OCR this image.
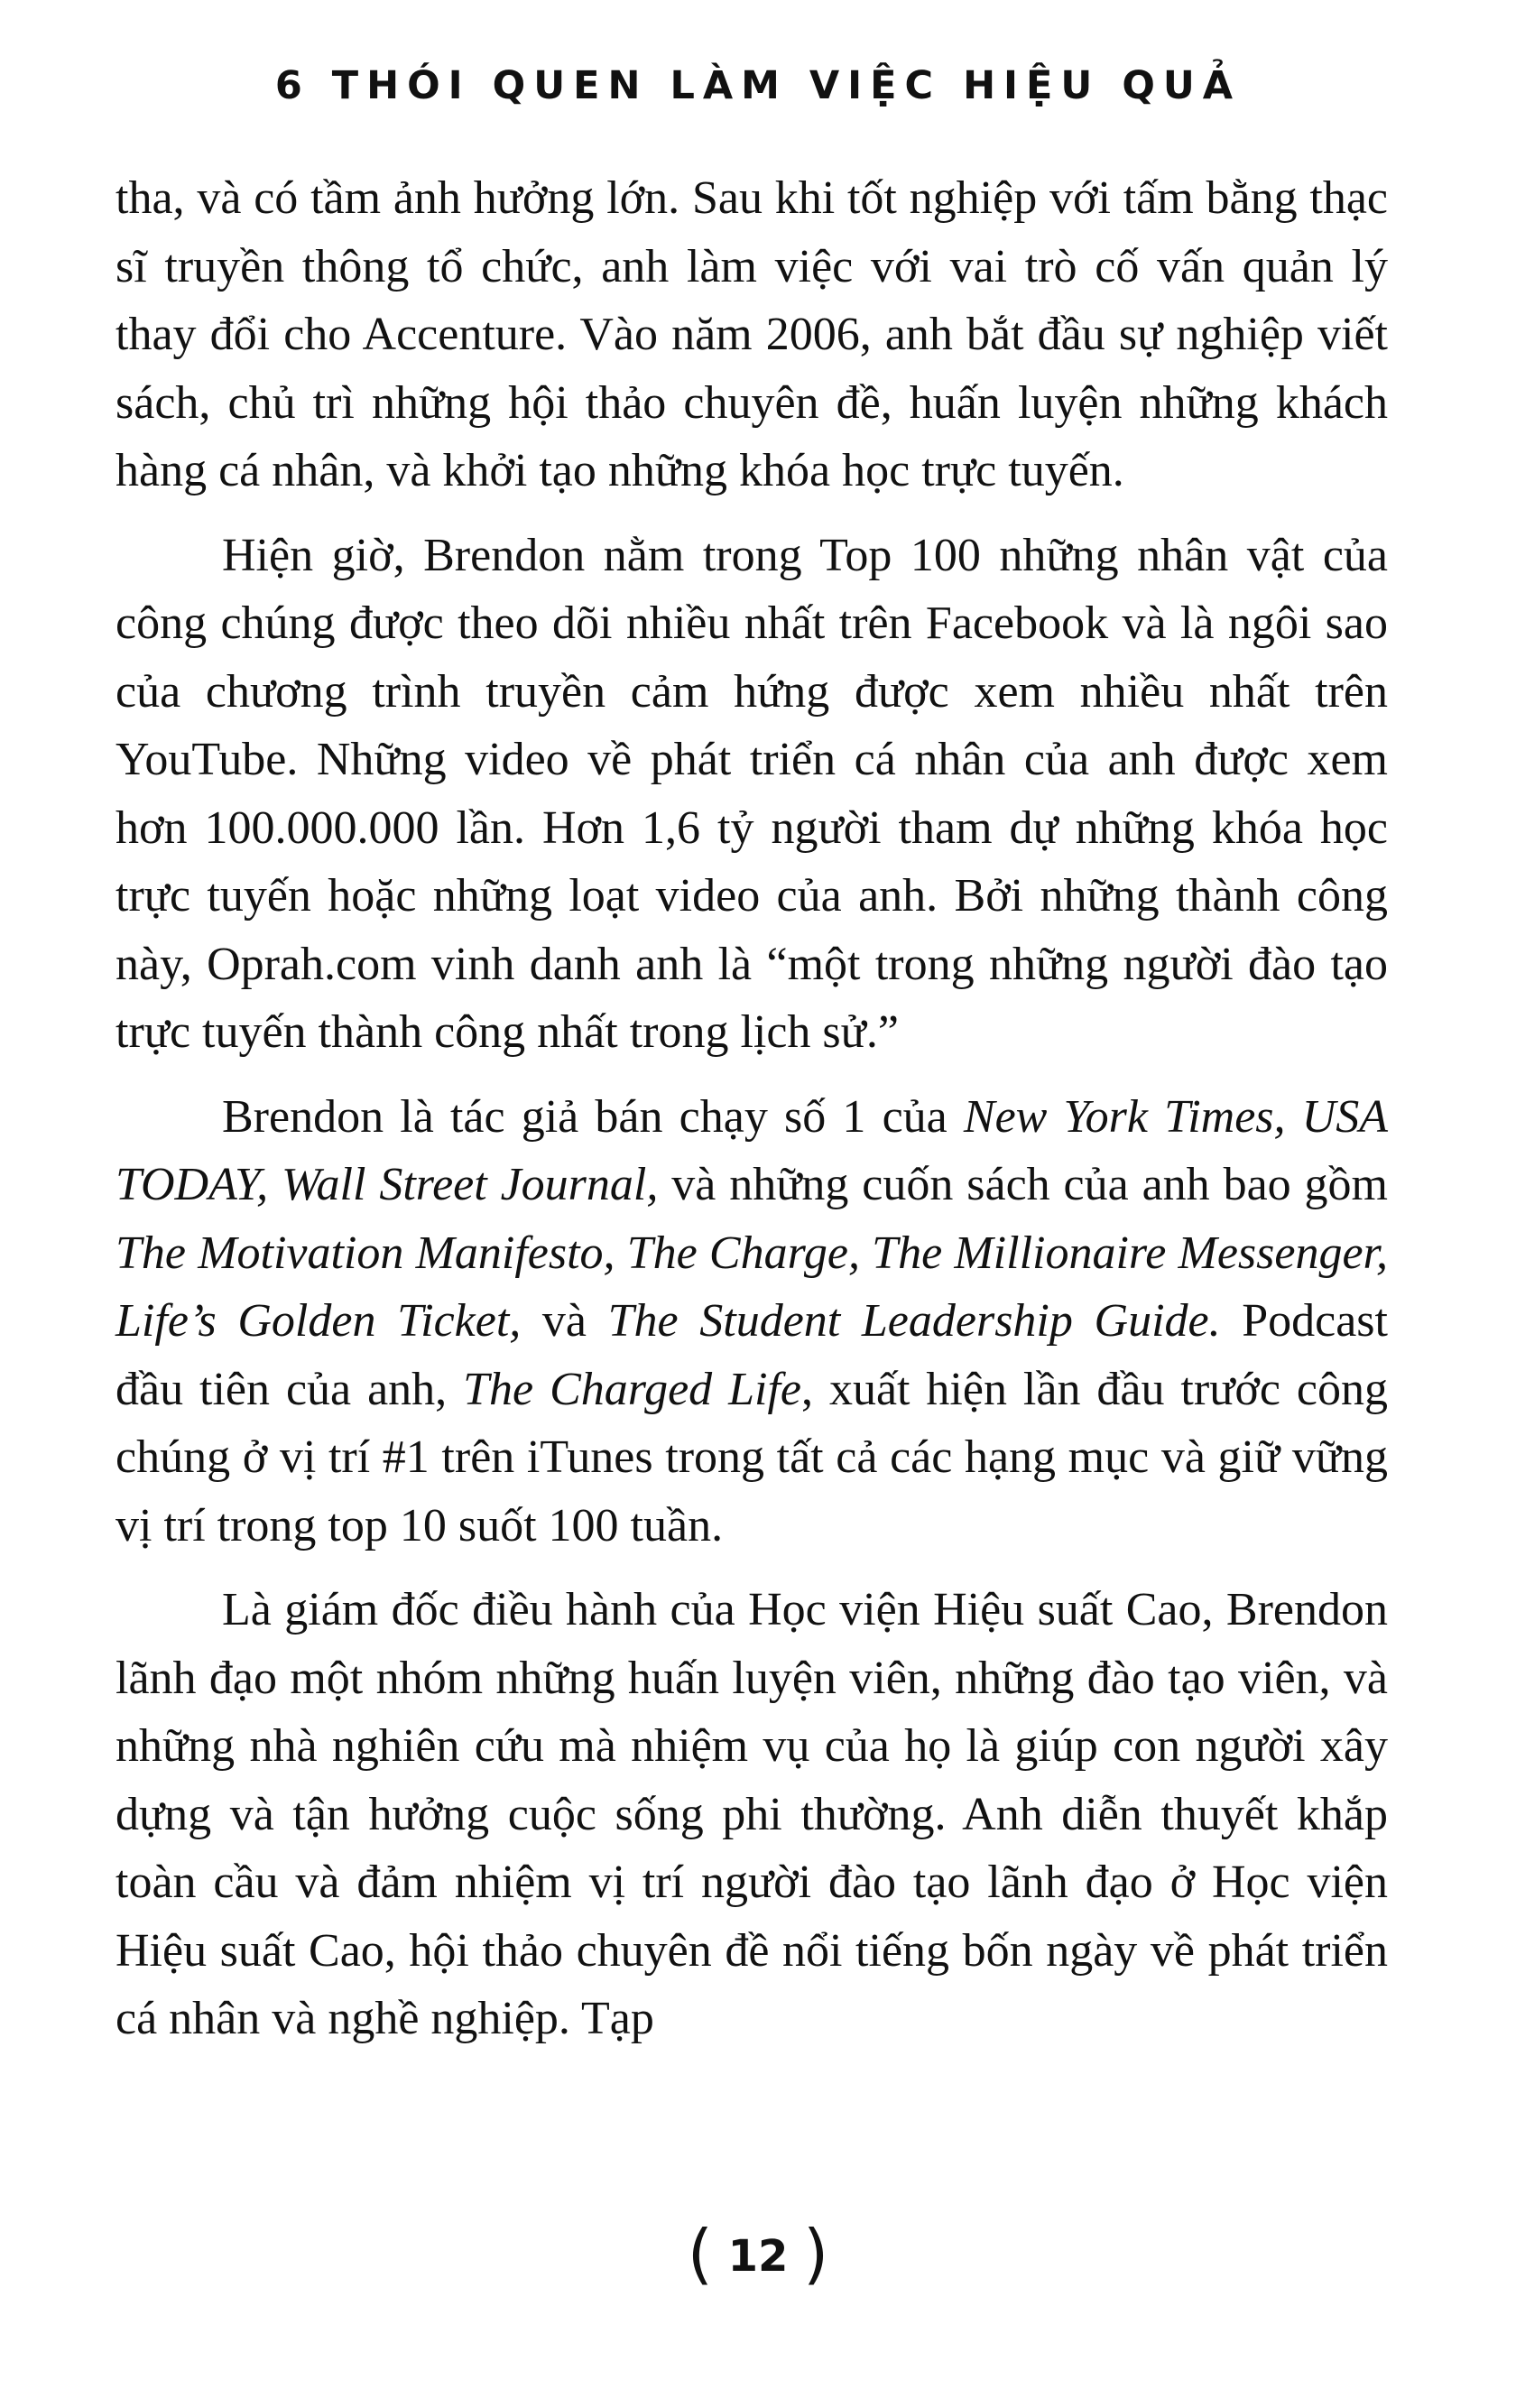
6 THÓI QUEN LÀM VIỆC HIỆU QUẢ

tha, và có tầm ảnh hưởng lớn. Sau khi tốt nghiệp với tấm bằng thạc sĩ truyền thông tổ chức, anh làm việc với vai trò cố vấn quản lý thay đổi cho Accenture. Vào năm 2006, anh bắt đầu sự nghiệp viết sách, chủ trì những hội thảo chuyên đề, huấn luyện những khách hàng cá nhân, và khởi tạo những khóa học trực tuyến.

Hiện giờ, Brendon nằm trong Top 100 những nhân vật của công chúng được theo dõi nhiều nhất trên Facebook và là ngôi sao của chương trình truyền cảm hứng được xem nhiều nhất trên YouTube. Những video về phát triển cá nhân của anh được xem hơn 100.000.000 lần. Hơn 1,6 tỷ người tham dự những khóa học trực tuyến hoặc những loạt video của anh. Bởi những thành công này, Oprah.com vinh danh anh là “một trong những người đào tạo trực tuyến thành công nhất trong lịch sử.”

Brendon là tác giả bán chạy số 1 của New York Times, USA TODAY, Wall Street Journal, và những cuốn sách của anh bao gồm The Motivation Manifesto, The Charge, The Millionaire Messenger, Life’s Golden Ticket, và The Student Leadership Guide. Podcast đầu tiên của anh, The Charged Life, xuất hiện lần đầu trước công chúng ở vị trí #1 trên iTunes trong tất cả các hạng mục và giữ vững vị trí trong top 10 suốt 100 tuần.

Là giám đốc điều hành của Học viện Hiệu suất Cao, Brendon lãnh đạo một nhóm những huấn luyện viên, những đào tạo viên, và những nhà nghiên cứu mà nhiệm vụ của họ là giúp con người xây dựng và tận hưởng cuộc sống phi thường. Anh diễn thuyết khắp toàn cầu và đảm nhiệm vị trí người đào tạo lãnh đạo ở Học viện Hiệu suất Cao, hội thảo chuyên đề nổi tiếng bốn ngày về phát triển cá nhân và nghề nghiệp. Tạp

( 12 )
